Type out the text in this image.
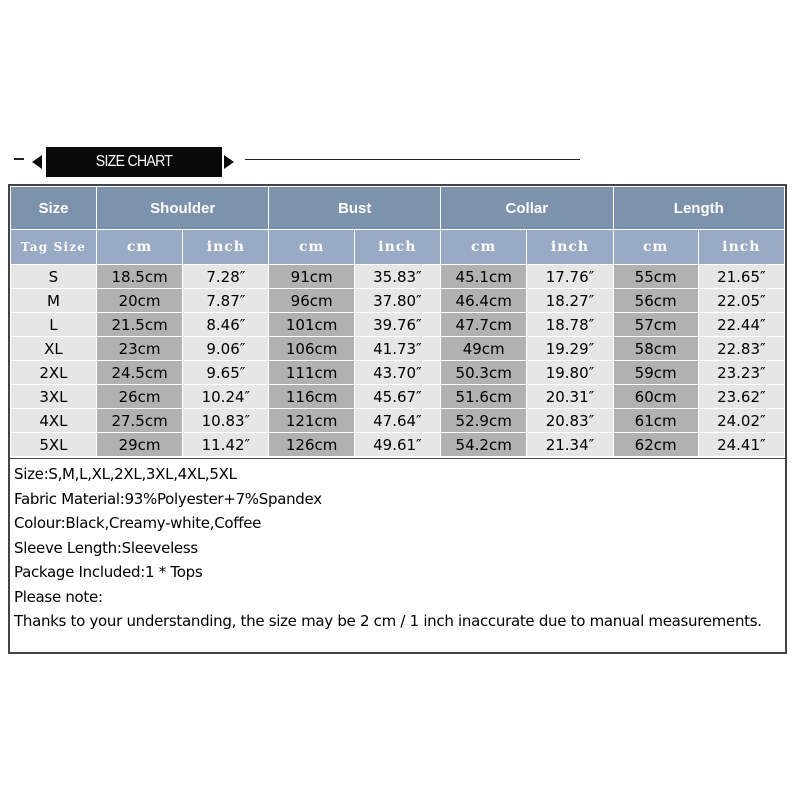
SIZE CHART
Size	Shoulder		Bust		Collar		Length	
Tag Size	cm	inch	cm	inch	cm	inch	cm	inch
S	18.5cm	7.28″	91cm	35.83″	45.1cm	17.76″	55cm	21.65″
M	20cm	7.87″	96cm	37.80″	46.4cm	18.27″	56cm	22.05″
L	21.5cm	8.46″	101cm	39.76″	47.7cm	18.78″	57cm	22.44″
XL	23cm	9.06″	106cm	41.73″	49cm	19.29″	58cm	22.83″
2XL	24.5cm	9.65″	111cm	43.70″	50.3cm	19.80″	59cm	23.23″
3XL	26cm	10.24″	116cm	45.67″	51.6cm	20.31″	60cm	23.62″
4XL	27.5cm	10.83″	121cm	47.64″	52.9cm	20.83″	61cm	24.02″
5XL	29cm	11.42″	126cm	49.61″	54.2cm	21.34″	62cm	24.41″
Size:S,M,L,XL,2XL,3XL,4XL,5XL
Fabric Material:93%Polyester+7%Spandex
Colour:Black,Creamy-white,Coffee
Sleeve Length:Sleeveless
Package Included:1 * Tops
Please note:
Thanks to your understanding, the size may be 2 cm / 1 inch inaccurate due to manual measurements.
